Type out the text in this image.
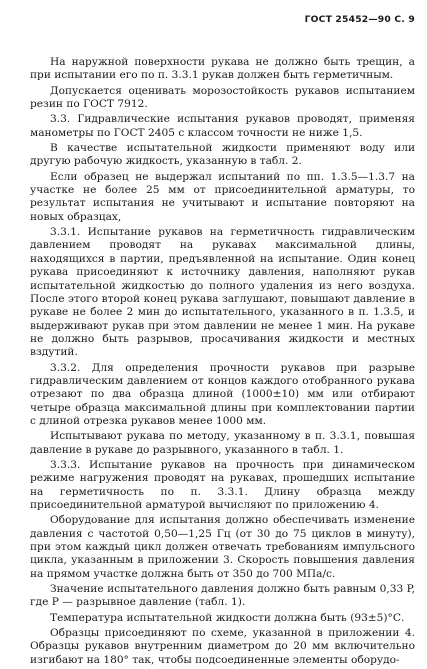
ГОСТ 25452—90 С. 9

На наружной поверхности рукава не должно быть трещин, а при испытании его по п. 3.3.1 рукав должен быть герметичным.

Допускается оценивать морозостойкость рукавов испытанием резин по ГОСТ 7912.

3.3. Гидравлические испытания рукавов проводят, применяя манометры по ГОСТ 2405 с классом точности не ниже 1,5.

В качестве испытательной жидкости применяют воду или другую рабочую жидкость, указанную в табл. 2.

Если образец не выдержал испытаний по пп. 1.3.5—1.3.7 на участке не более 25 мм от присоединительной арматуры, то результат испытания не учитывают и испытание повторяют на новых образцах,

3.3.1. Испытание рукавов на герметичность гидравлическим давлением проводят на рукавах максимальной длины, находящихся в партии, предъявленной на испытание. Один конец рукава присоединяют к источнику давления, наполняют рукав испытательной жидкостью до полного удаления из него воздуха. После этого второй конец рукава заглушают, повышают давление в рукаве не более 2 мин до испытательного, указанного в п. 1.3.5, и выдерживают рукав при этом давлении не менее 1 мин. На рукаве не должно быть разрывов, просачивания жидкости и местных вздутий.

3.3.2. Для определения прочности рукавов при разрыве гидравлическим давлением от концов каждого отобранного рукава отрезают по два образца длиной (1000±10) мм или отбирают четыре образца максимальной длины при комплектовании партии с длиной отрезка рукавов менее 1000 мм.

Испытывают рукава по методу, указанному в п. 3.3.1, повышая давление в рукаве до разрывного, указанного в табл. 1.

3.3.3. Испытание рукавов на прочность при динамическом режиме нагружения проводят на рукавах, прошедших испытание на герметичность по п. 3.3.1. Длину образца между присоединительной арматурой вычисляют по приложению 4.

Оборудование для испытания должно обеспечивать изменение давления с частотой 0,50—1,25 Гц (от 30 до 75 циклов в минуту), при этом каждый цикл должен отвечать требованиям импульсного цикла, указанным в приложении 3. Скорость повышения давления на прямом участке должна быть от 350 до 700 МПа/с.

Значение испытательного давления должно быть равным 0,33 P, где P — разрывное давление (табл. 1).

Температура испытательной жидкости должна быть (93±5)°С.

Образцы присоединяют по схеме, указанной в приложении 4. Образцы рукавов внутренним диаметром до 20 мм включительно изгибают на 180° так, чтобы подсоединенные элементы оборудо-
